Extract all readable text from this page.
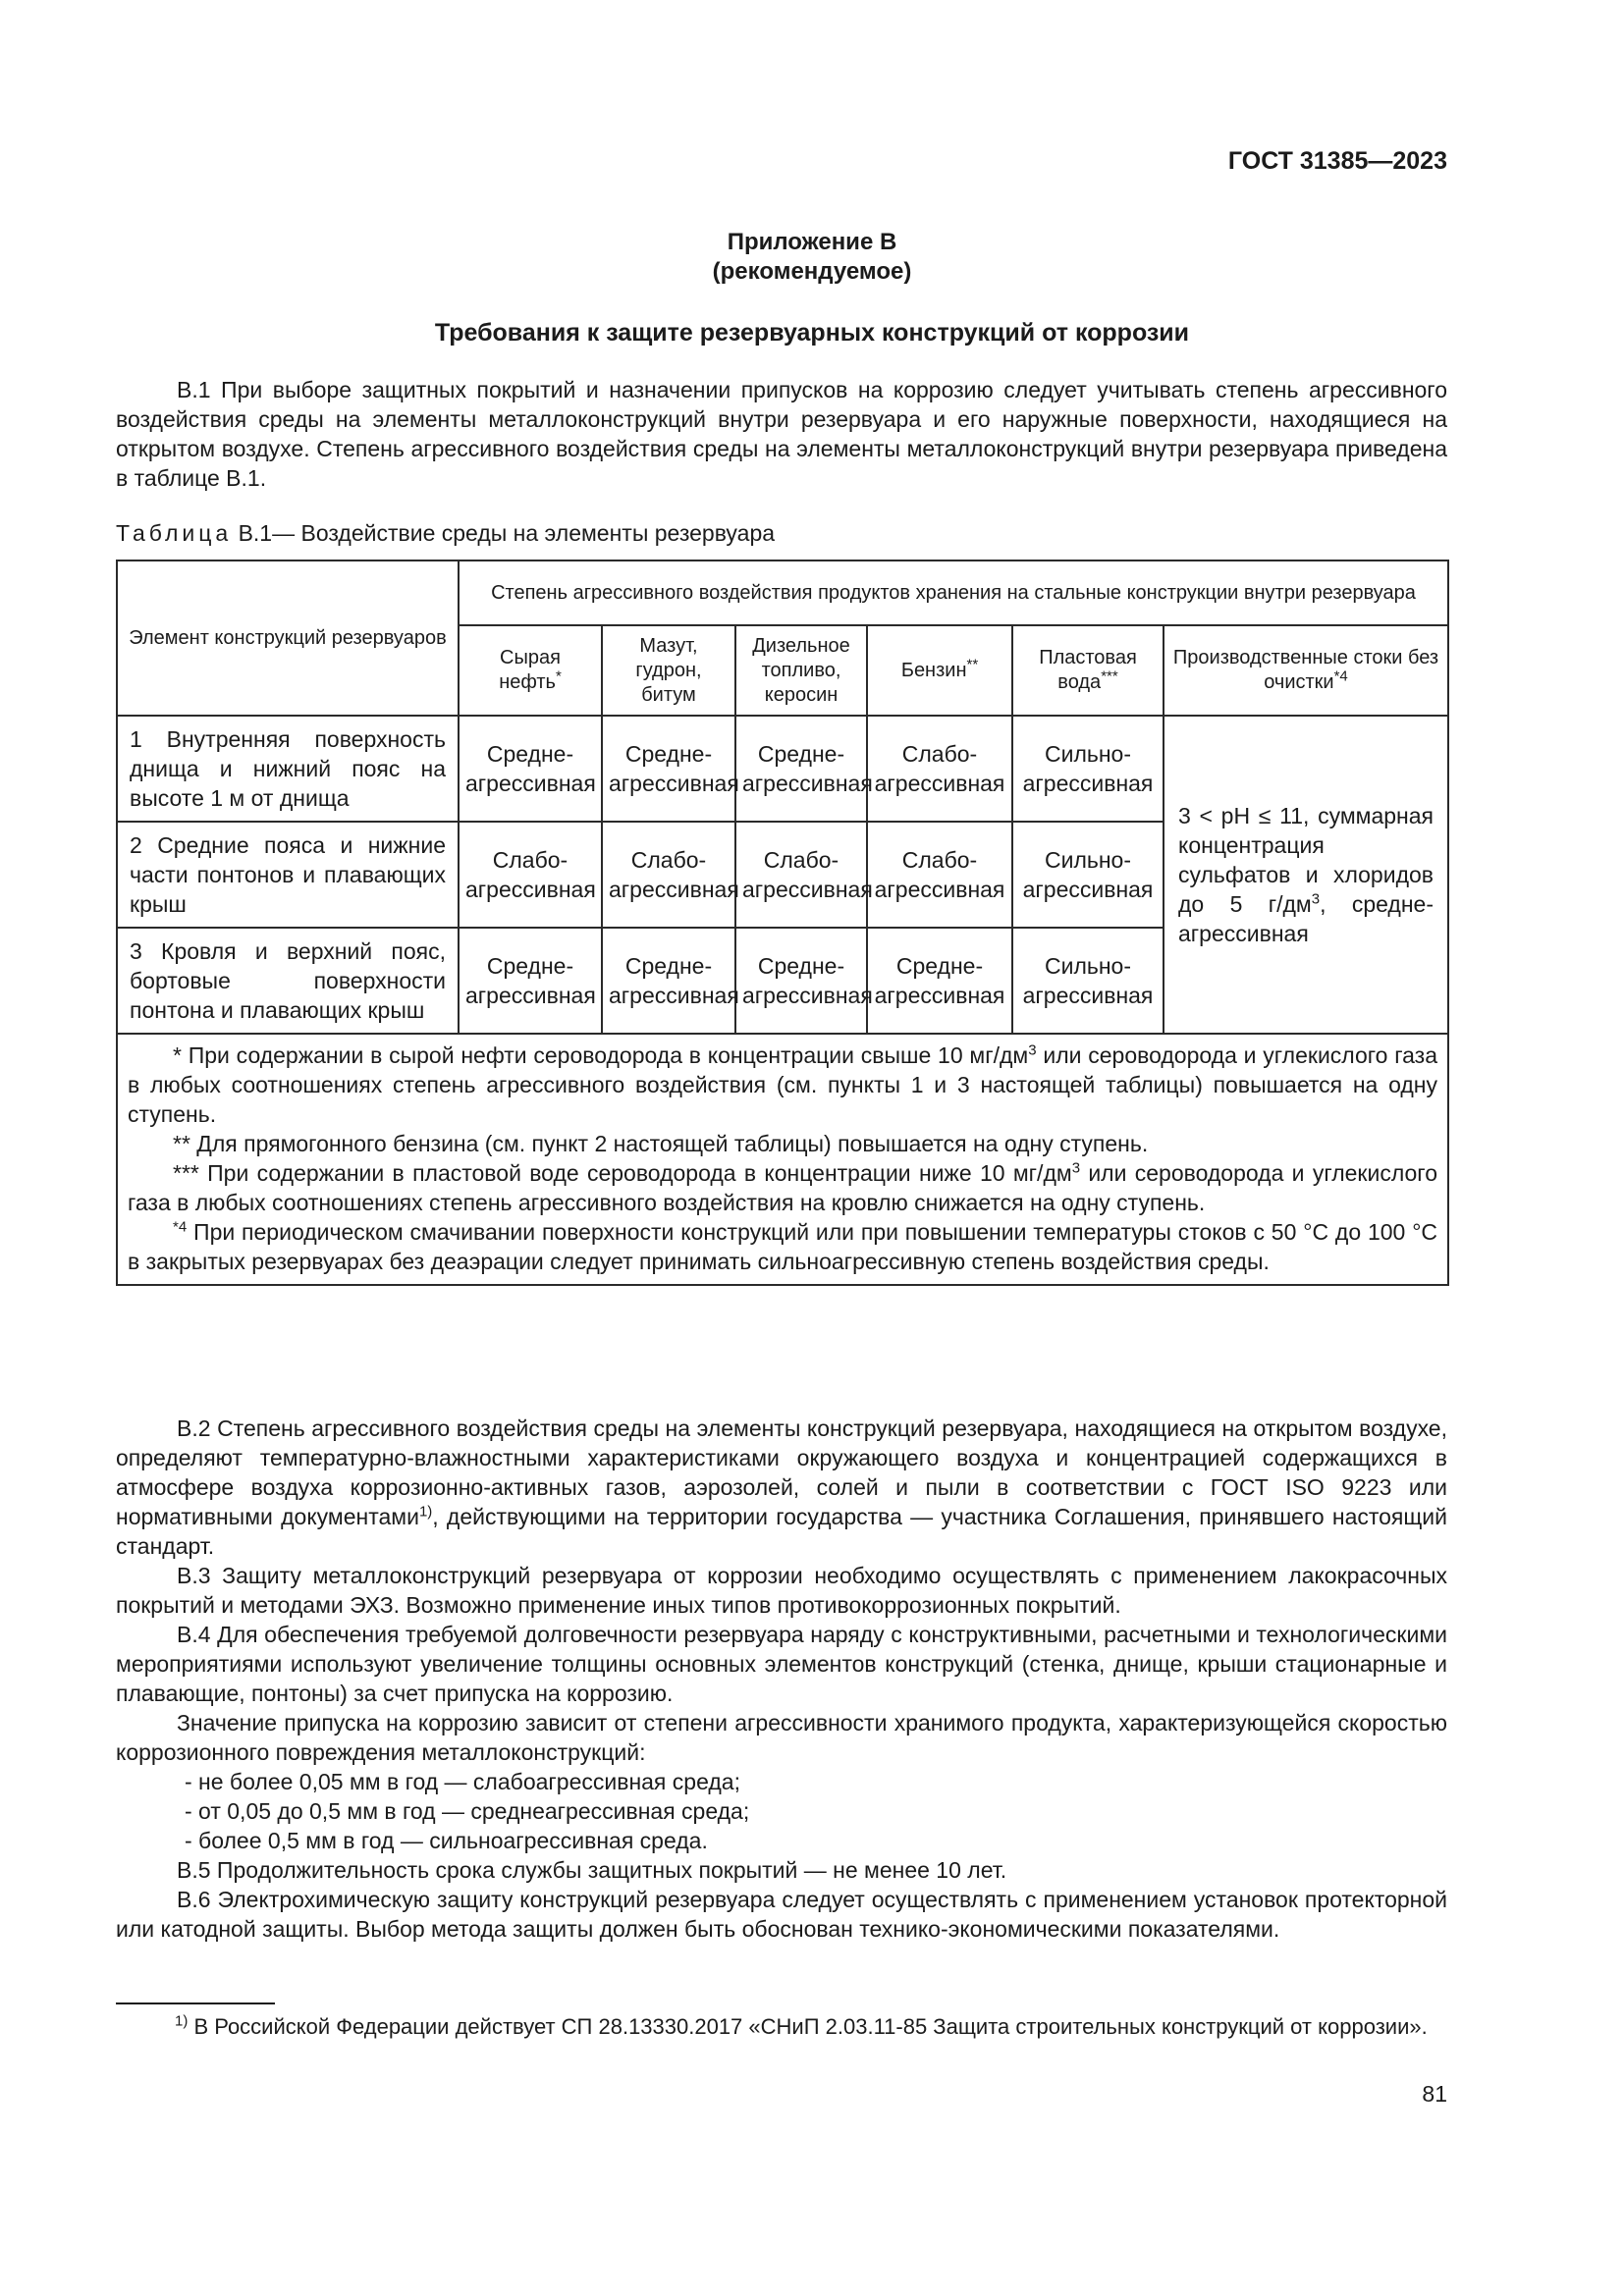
ГОСТ 31385—2023
Приложение В
(рекомендуемое)
Требования к защите резервуарных конструкций от коррозии

В.1 При выборе защитных покрытий и назначении припусков на коррозию следует учитывать степень агрессивного воздействия среды на элементы металлоконструкций внутри резервуара и его наружные поверхности, находящиеся на открытом воздухе. Степень агрессивного воздействия среды на элементы металлоконструкций внутри резервуара приведена в таблице В.1.

Таблица В.1— Воздействие среды на элементы резервуара
Элемент конструкций резервуаров	Степень агрессивного воздействия продуктов хранения на стальные конструкции внутри резервуара					
	Сырая нефть*	Мазут, гудрон, битум	Дизельное топливо, керосин	Бензин**	Пластовая вода***	Производственные стоки без очистки$^{*4}$
1 Внутренняя поверхность днища и нижний пояс на высоте 1 м от днища	Средне-агрессивная	Средне-агрессивная	Средне-агрессивная	Слабо-агрессивная	Сильно-агрессивная	3 < pH ≤ 11, суммарная концентрация сульфатов и хлоридов до 5 $г/дм^3$, среднеагрессивная
2 Средние пояса и нижние части понтонов и плавающих крыш	Слабо-агрессивная	Слабо-агрессивная	Слабо-агрессивная	Слабо-агрессивная	Сильно-агрессивная	
3 Кровля и верхний пояс, бортовые поверхности понтона и плавающих крыш	Средне-агрессивная	Средне-агрессивная	Средне-агрессивная	Средне-агрессивная	Сильно-агрессивная	

* При содержании в сырой нефти сероводорода в концентрации свыше 10 $мг/дм^3$ или сероводорода и углекислого газа в любых соотношениях степень агрессивного воздействия (см. пункты 1 и 3 настоящей таблицы) повышается на одну ступень.

** Для прямогонного бензина (см. пункт 2 настоящей таблицы) повышается на одну ступень.

*** При содержании в пластовой воде сероводорода в концентрации ниже 10 $мг/дм^3$ или сероводорода и углекислого газа в любых соотношениях степень агрессивного воздействия на кровлю снижается на одну ступень.

$^{*4}$ При периодическом смачивании поверхности конструкций или при повышении температуры стоков с 50 °С до 100 °С в закрытых резервуарах без деаэрации следует принимать сильноагрессивную степень воздействия среды.						

В.2 Степень агрессивного воздействия среды на элементы конструкций резервуара, находящиеся на открытом воздухе, определяют температурно-влажностными характеристиками окружающего воздуха и концентрацией содержащихся в атмосфере воздуха коррозионно-активных газов, аэрозолей, солей и пыли в соответствии с ГОСТ ISO 9223 или нормативными документами$^{1)}$, действующими на территории государства — участника Соглашения, принявшего настоящий стандарт.

В.3 Защиту металлоконструкций резервуара от коррозии необходимо осуществлять с применением лакокрасочных покрытий и методами ЭХЗ. Возможно применение иных типов противокоррозионных покрытий.

В.4 Для обеспечения требуемой долговечности резервуара наряду с конструктивными, расчетными и технологическими мероприятиями используют увеличение толщины основных элементов конструкций (стенка, днище, крыши стационарные и плавающие, понтоны) за счет припуска на коррозию.

Значение припуска на коррозию зависит от степени агрессивности хранимого продукта, характеризующейся скоростью коррозионного повреждения металлоконструкций:

- не более 0,05 мм в год — слабоагрессивная среда;

- от 0,05 до 0,5 мм в год — среднеагрессивная среда;

- более 0,5 мм в год — сильноагрессивная среда.

В.5 Продолжительность срока службы защитных покрытий — не менее 10 лет.

В.6 Электрохимическую защиту конструкций резервуара следует осуществлять с применением установок протекторной или катодной защиты. Выбор метода защиты должен быть обоснован технико-экономическими показателями.

$^{1)}$ В Российской Федерации действует СП 28.13330.2017 «СНиП 2.03.11-85 Защита строительных конструкций от коррозии».

81
